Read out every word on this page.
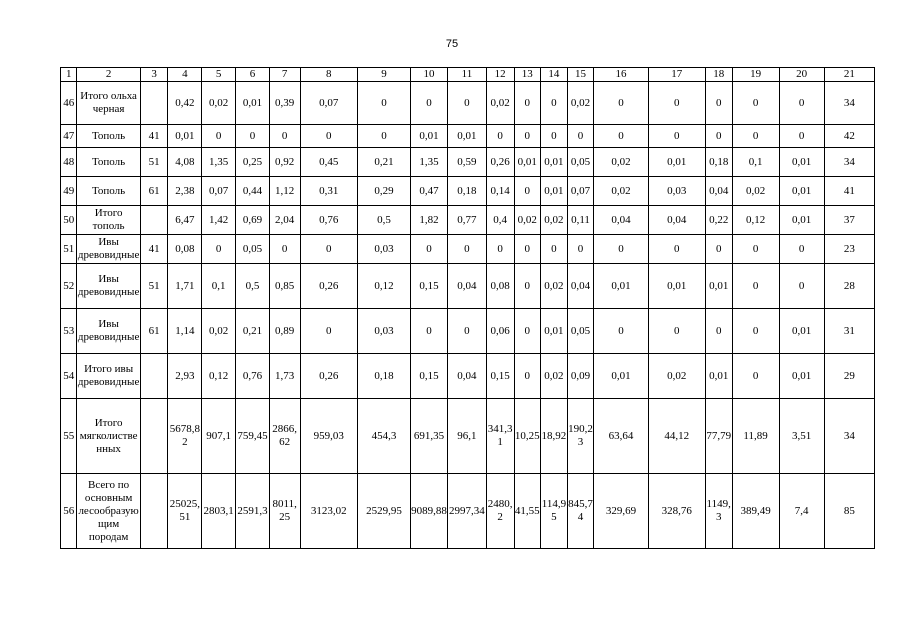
75
1	2	3	4	5	6	7	8	9	10	11	12	13	14	15	16	17	18	19	20	21
46	Итого ольха черная		0,42	0,02	0,01	0,39	0,07	0	0	0	0,02	0	0	0,02	0	0	0	0	0	34
47	Тополь	41	0,01	0	0	0	0	0	0,01	0,01	0	0	0	0	0	0	0	0	0	42
48	Тополь	51	4,08	1,35	0,25	0,92	0,45	0,21	1,35	0,59	0,26	0,01	0,01	0,05	0,02	0,01	0,18	0,1	0,01	34
49	Тополь	61	2,38	0,07	0,44	1,12	0,31	0,29	0,47	0,18	0,14	0	0,01	0,07	0,02	0,03	0,04	0,02	0,01	41
50	Итого тополь		6,47	1,42	0,69	2,04	0,76	0,5	1,82	0,77	0,4	0,02	0,02	0,11	0,04	0,04	0,22	0,12	0,01	37
51	Ивы древовидные	41	0,08	0	0,05	0	0	0,03	0	0	0	0	0	0	0	0	0	0	0	23
52	Ивы древовидные	51	1,71	0,1	0,5	0,85	0,26	0,12	0,15	0,04	0,08	0	0,02	0,04	0,01	0,01	0,01	0	0	28
53	Ивы древовидные	61	1,14	0,02	0,21	0,89	0	0,03	0	0	0,06	0	0,01	0,05	0	0	0	0	0,01	31
54	Итого ивы древовидные		2,93	0,12	0,76	1,73	0,26	0,18	0,15	0,04	0,15	0	0,02	0,09	0,01	0,02	0,01	0	0,01	29
55	Итого мягколиственных		5678,82	907,1	759,45	2866,62	959,03	454,3	691,35	96,1	341,31	10,25	18,92	190,23	63,64	44,12	77,79	11,89	3,51	34
56	Всего по основным лесообразующим породам		25025,51	2803,1	2591,3	8011,25	3123,02	2529,95	9089,88	2997,34	2480,2	41,55	114,95	845,74	329,69	328,76	1149,3	389,49	7,4	85
